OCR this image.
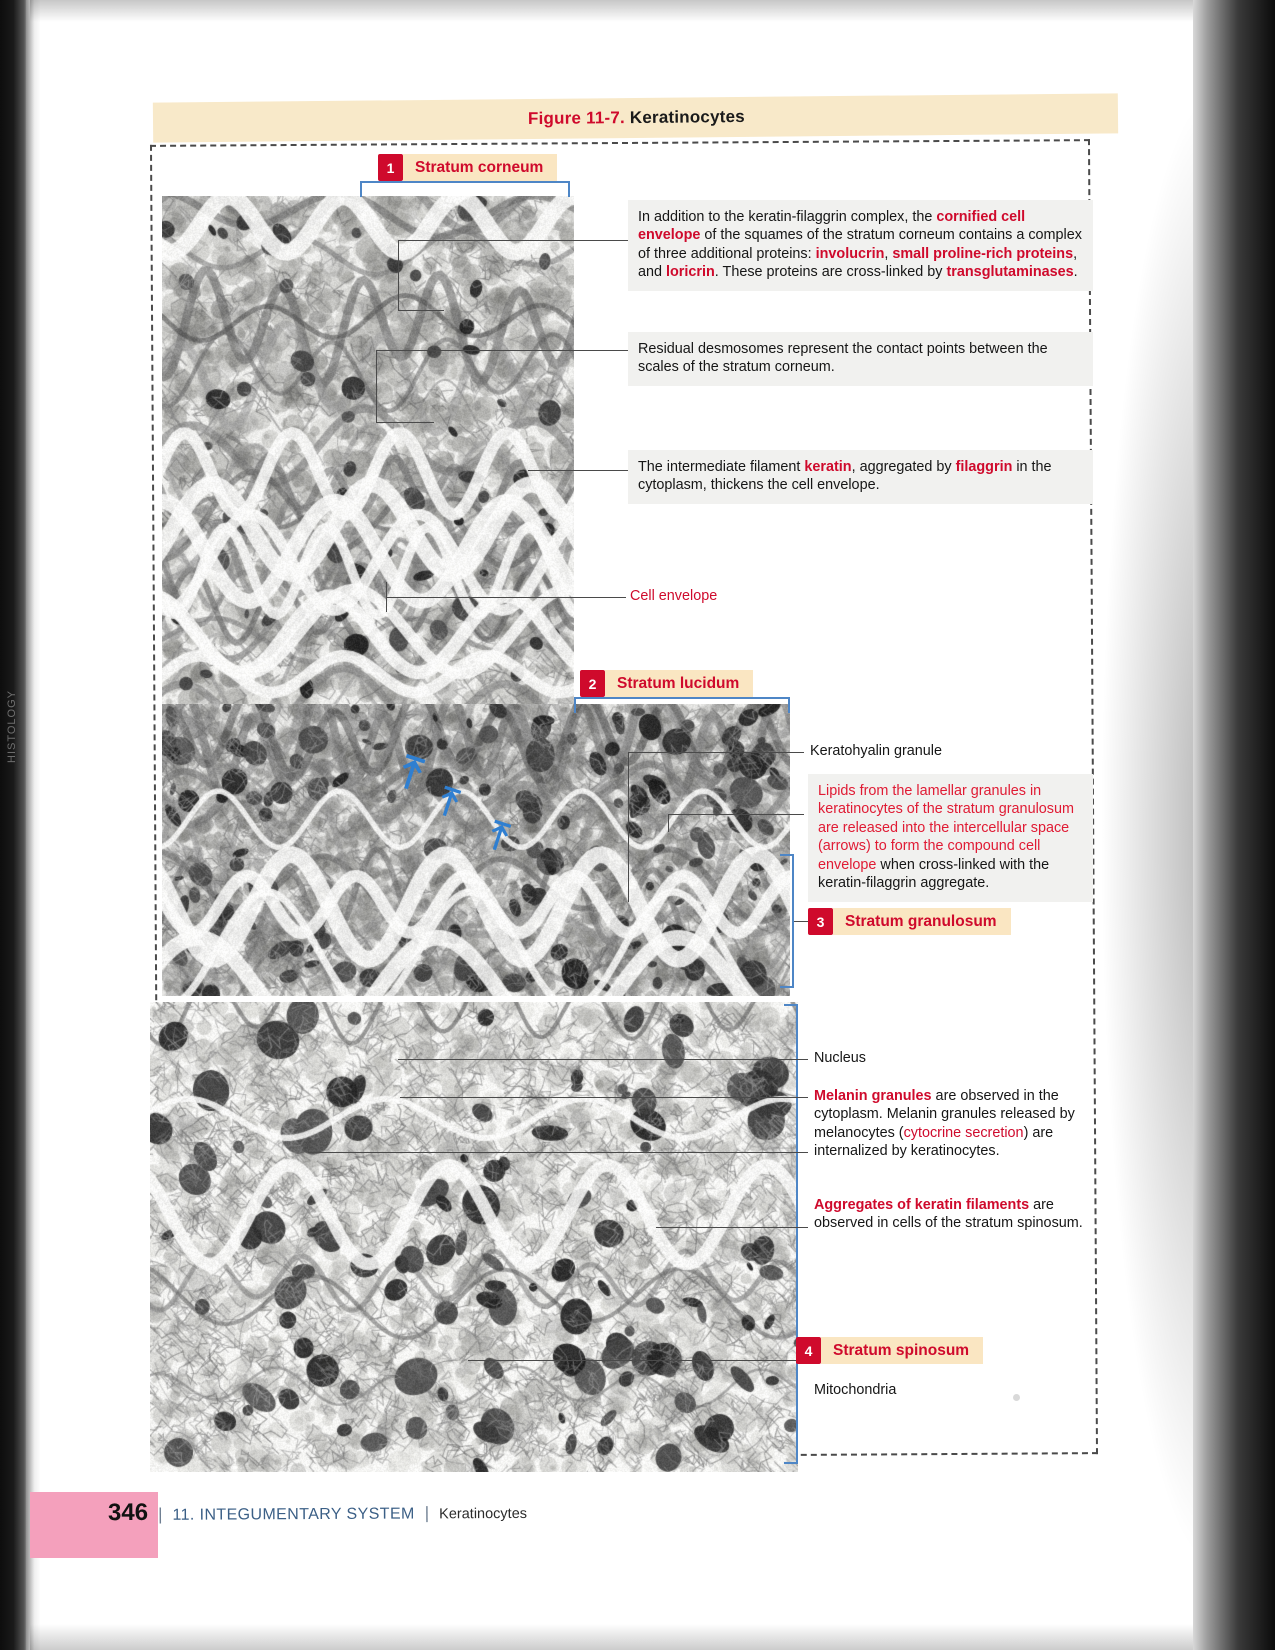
HISTOLOGY
Figure 11-7. Keratinocytes
1	Stratum corneum
In addition to the keratin-filaggrin complex, the cornified cell envelope of the squames of the stratum corneum contains a complex of three additional proteins: involucrin, small proline-rich proteins, and loricrin. These proteins are cross-linked by transglutaminases.
Residual desmosomes represent the contact points between the scales of the stratum corneum.
The intermediate filament keratin, aggregated by filaggrin in the cytoplasm, thickens the cell envelope.
Cell envelope
2	Stratum lucidum
⤒
⤒
⤒
Keratohyalin granule
Lipids from the lamellar granules in keratinocytes of the stratum granulosum are released into the intercellular space (arrows) to form the compound cell envelope when cross-linked with the keratin-filaggrin aggregate.
3	Stratum granulosum
Nucleus
Melanin granules are observed in the cytoplasm. Melanin granules released by melanocytes (cytocrine secretion) are internalized by keratinocytes.
Aggregates of keratin filaments are observed in cells of the stratum spinosum.
4	Stratum spinosum
Mitochondria
346 | 11. INTEGUMENTARY SYSTEM | Keratinocytes
